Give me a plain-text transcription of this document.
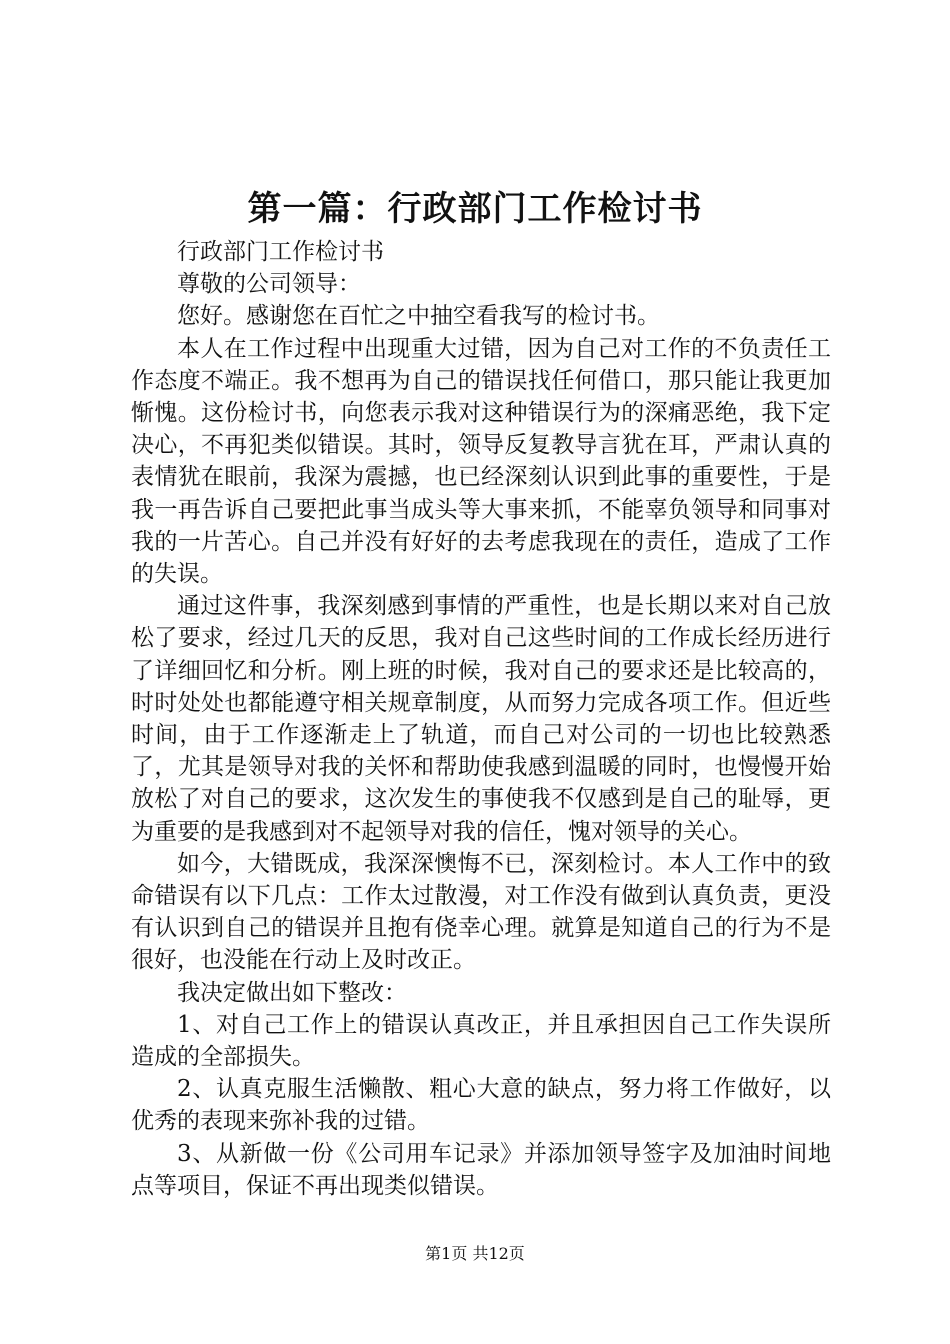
第一篇：行政部门工作检讨书

行政部门工作检讨书

尊敬的公司领导：

您好。感谢您在百忙之中抽空看我写的检讨书。

本人在工作过程中出现重大过错，因为自己对工作的不负责任工作态度不端正。我不想再为自己的错误找任何借口，那只能让我更加惭愧。这份检讨书，向您表示我对这种错误行为的深痛恶绝，我下定决心，不再犯类似错误。其时，领导反复教导言犹在耳，严肃认真的表情犹在眼前，我深为震撼，也已经深刻认识到此事的重要性，于是我一再告诉自己要把此事当成头等大事来抓，不能辜负领导和同事对我的一片苦心。自己并没有好好的去考虑我现在的责任，造成了工作的失误。

通过这件事，我深刻感到事情的严重性，也是长期以来对自己放松了要求，经过几天的反思，我对自己这些时间的工作成长经历进行了详细回忆和分析。刚上班的时候，我对自己的要求还是比较高的，时时处处也都能遵守相关规章制度，从而努力完成各项工作。但近些时间，由于工作逐渐走上了轨道，而自己对公司的一切也比较熟悉了，尤其是领导对我的关怀和帮助使我感到温暖的同时，也慢慢开始放松了对自己的要求，这次发生的事使我不仅感到是自己的耻辱，更为重要的是我感到对不起领导对我的信任，愧对领导的关心。

如今，大错既成，我深深懊悔不已，深刻检讨。本人工作中的致命错误有以下几点：工作太过散漫，对工作没有做到认真负责，更没有认识到自己的错误并且抱有侥幸心理。就算是知道自己的行为不是很好，也没能在行动上及时改正。

我决定做出如下整改：

1、对自己工作上的错误认真改正，并且承担因自己工作失误所造成的全部损失。

2、认真克服生活懒散、粗心大意的缺点，努力将工作做好，以优秀的表现来弥补我的过错。

3、从新做一份《公司用车记录》并添加领导签字及加油时间地点等项目，保证不再出现类似错误。

第1页 共12页
